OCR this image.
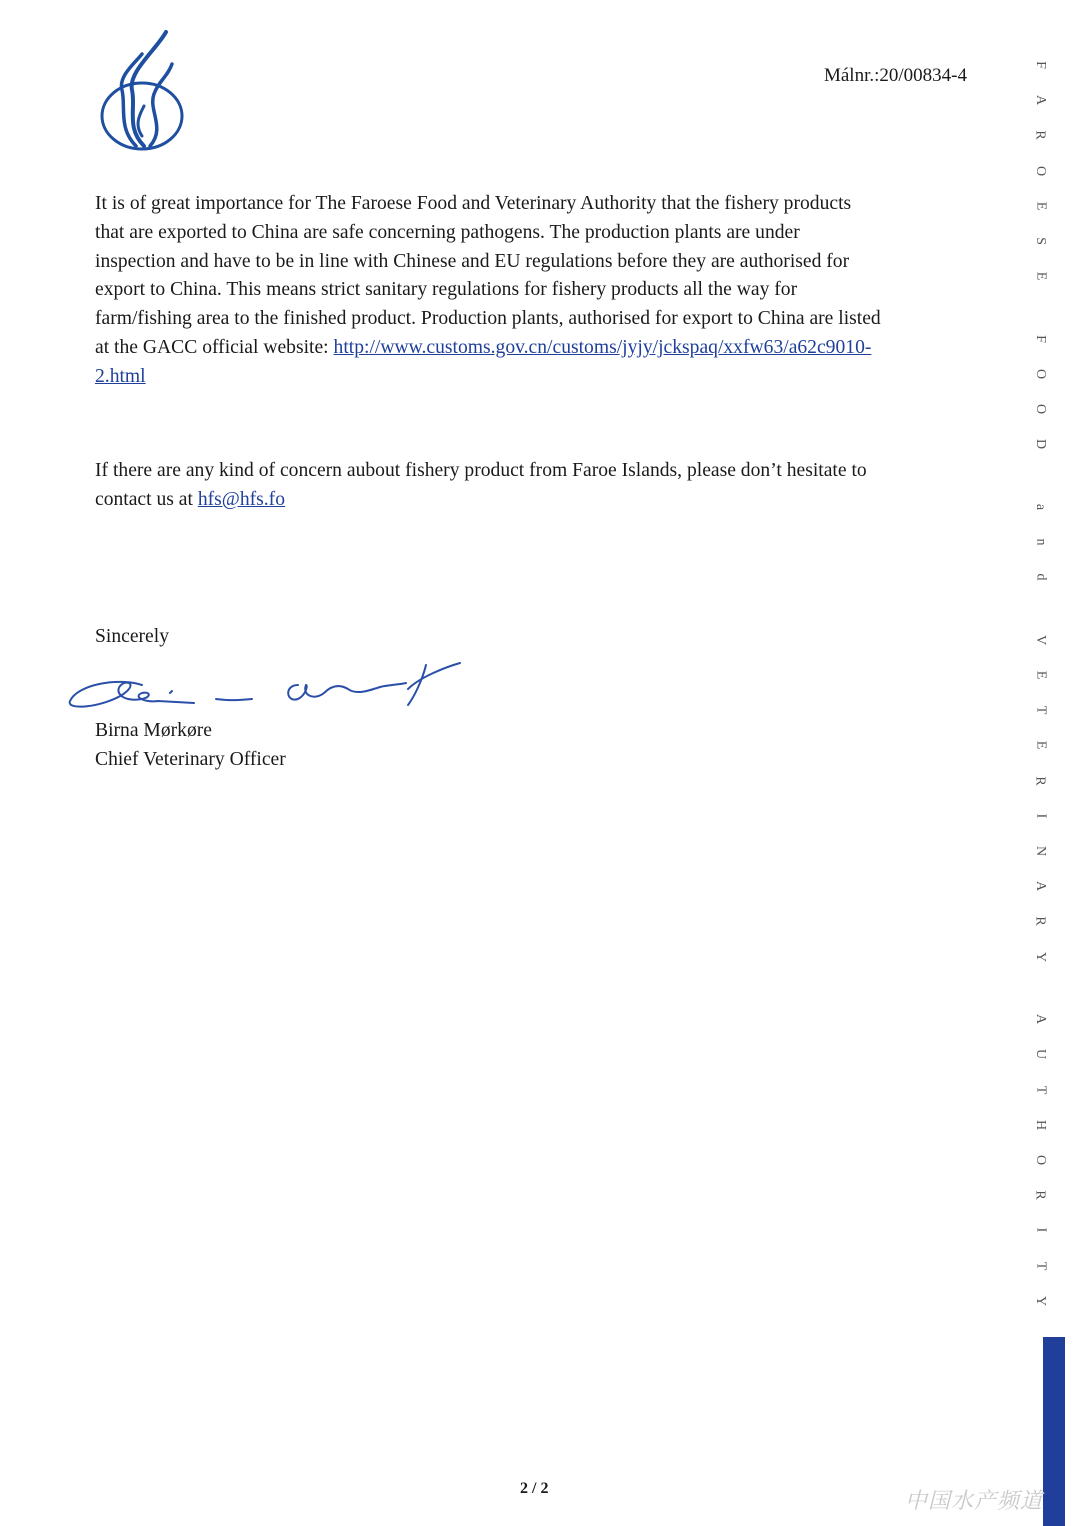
Málnr.:20/00834-4
It is of great importance for The Faroese Food and Veterinary Authority that the fishery products
that are exported to China are safe concerning pathogens. The production plants are under
inspection and have to be in line with Chinese and EU regulations before they are authorised for
export to China. This means strict sanitary regulations for fishery products all the way for
farm/fishing area to the finished product. Production plants, authorised for export to China are listed
at the GACC official website: http://www.customs.gov.cn/customs/jyjy/jckspaq/xxfw63/a62c9010-
2.html
If there are any kind of concern aubout fishery product from Faroe Islands, please don’t hesitate to
contact us at hfs@hfs.fo
Sincerely
Birna Mørkøre
Chief Veterinary Officer
F
A
R
O
E
S
E
F
O
O
D
a
n
d
V
E
T
E
R
I
N
A
R
Y
A
U
T
H
O
R
I
T
Y
2 / 2
中国水产频道
